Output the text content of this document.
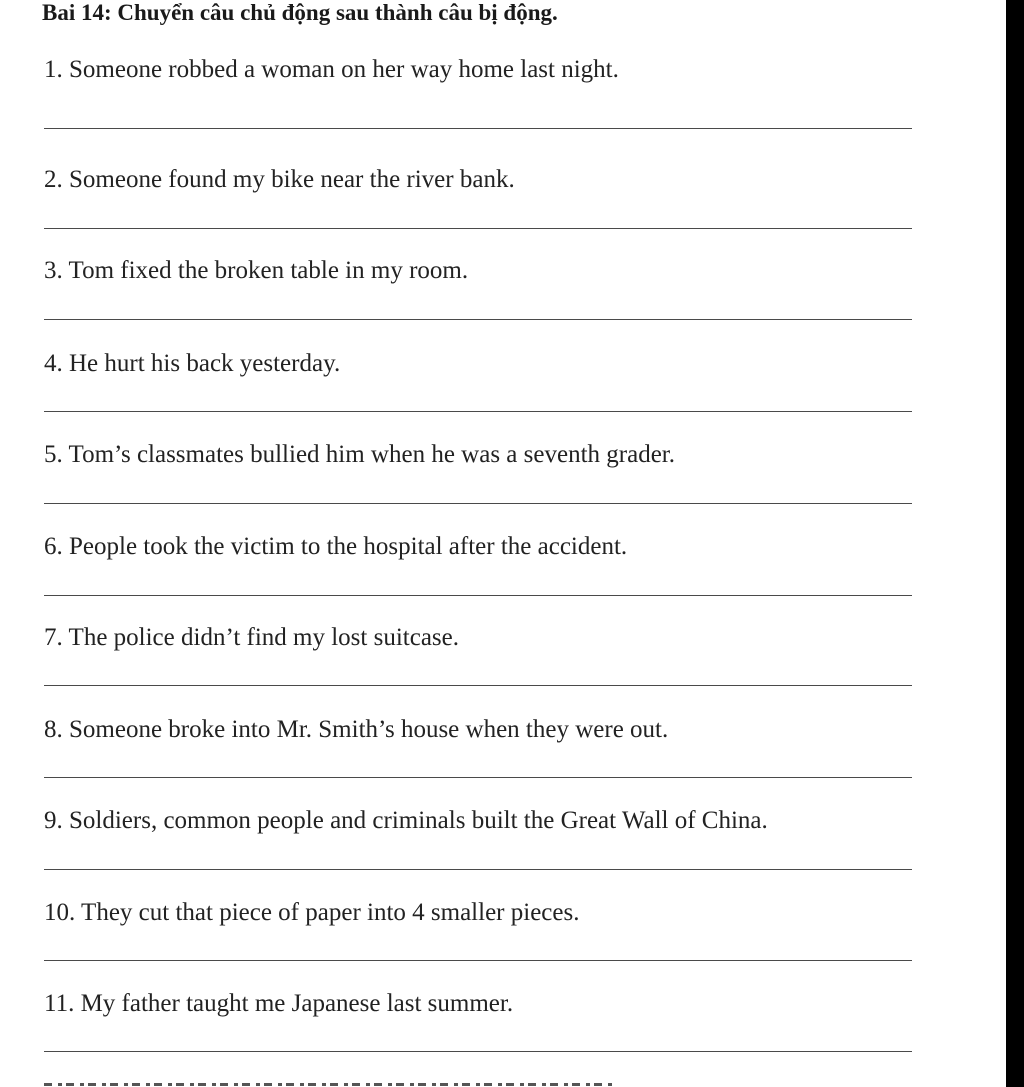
Bai 14: Chuyển câu chủ động sau thành câu bị động.
1. Someone robbed a woman on her way home last night.
2. Someone found my bike near the river bank.
3. Tom fixed the broken table in my room.
4. He hurt his back yesterday.
5. Tom’s classmates bullied him when he was a seventh grader.
6. People took the victim to the hospital after the accident.
7. The police didn’t find my lost suitcase.
8. Someone broke into Mr. Smith’s house when they were out.
9. Soldiers, common people and criminals built the Great Wall of China.
10. They cut that piece of paper into 4 smaller pieces.
11. My father taught me Japanese last summer.
